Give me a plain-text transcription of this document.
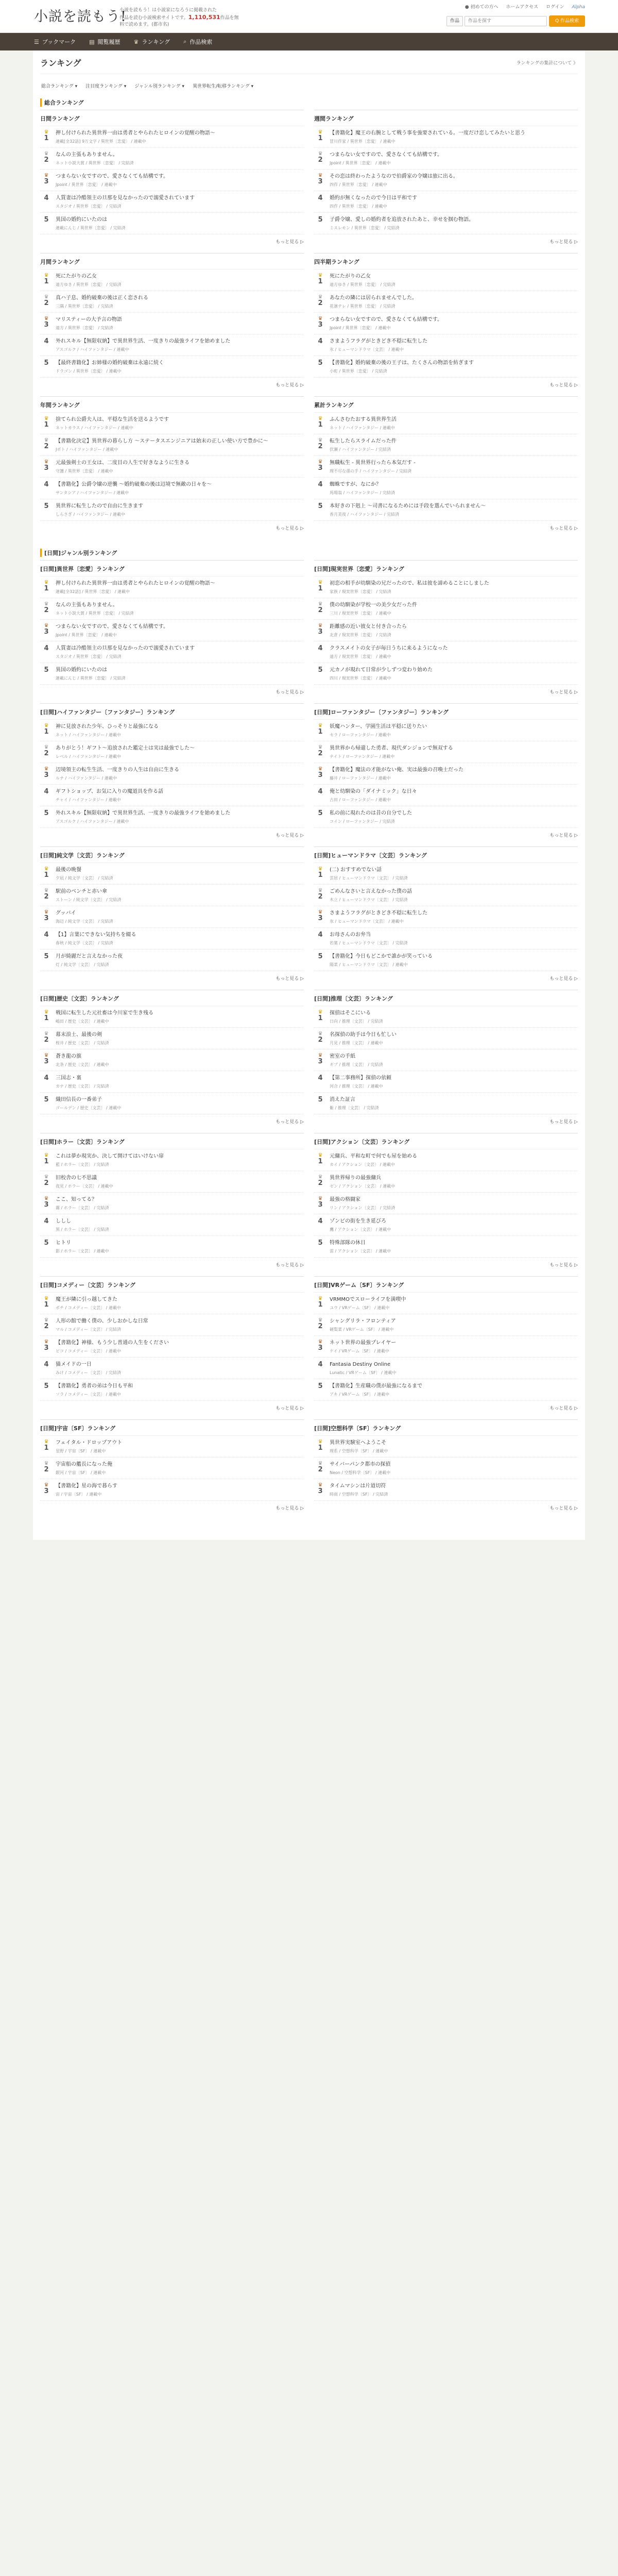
小説を読もう!
小説を読もう！は小説家になろうに掲載された
作品を読む小説検索サイトです。1,110,531作品を無料で読めます。(都市名)
● 初めての方へ ホームアクセス ログイン Alpha
作品
作品を探す	Q 作品検索
☰ ブックマーク ▤ 閲覧履歴 ♛ ランキング ⌕ 作品検索
ランキング	ランキングの集計について 》
総合ランキング ▾ 注目度ランキング ▾ ジャンル別ランキング ▾ 異世界転生/転移ランキング ▾
総合ランキング
日間ランキング
♛
1
押し付けられた異世界一由は勇者とやられたヒロインの覚醒の物語～
連載[全32話] 9万文字 / 異世界〔恋愛〕 / 連載中
♛
2
なんの主張もありません。
ネット小説大賞 / 異世界〔恋愛〕 / 完結済
♛
3
つまらない女ですので、愛さなくても結構です。
Jpoint / 異世界〔恋愛〕 / 連載中
4	人質妻は冷酷領主の旦那を見なかったので溺愛されています
スタジオ / 異世界〔恋愛〕 / 完結済
5	異国の婚約にいたのは
連載にんじ / 異世界〔恋愛〕 / 完結済
もっと見る ▷
週間ランキング
♛
1
【書籍化】魔王の右腕として戦う事を強要されている。一度だけ恋してみたいと思う
冒川作家 / 異世界〔恋愛〕 / 連載中
♛
2
つまらない女ですので、愛さなくても結構です。
Jpoint / 異世界〔恋愛〕 / 連載中
♛
3
その恋は終わったようなので伯爵家の令嬢は旅に出る。
四作 / 異世界〔恋愛〕 / 連載中
4	婚約が無くなったので今日は平和です
四作 / 異世界〔恋愛〕 / 連載中
5	子爵令嬢、愛しの婚約者を追放されたあと、幸せを掴む物語。
ミスレモン / 異世界〔恋愛〕 / 完結済
もっと見る ▷
月間ランキング
♛
1
死にたがりの乙女
遠方ゆき / 異世界〔恋愛〕 / 完結済
♛
2
真ハ子息、婚約破棄の後は正く恋される
三隅 / 異世界〔恋愛〕 / 完結済
♛
3
マリスティーの大予言の物語
遠方 / 異世界〔恋愛〕 / 完結済
4	外れスキル【無限収納】で異世界生活、一度きりの最強ライフを始めました
アスゴルク / ハイファンタジー / 連載中
5	【最終書籍化】お姉様の婚約破棄は永遠に続く
ドラゴン / 異世界〔恋愛〕 / 連載中
もっと見る ▷
四半期ランキング
♛
1
死にたがりの乙女
遠方ゆき / 異世界〔恋愛〕 / 完結済
♛
2
あなたの隣には居られませんでした。
花凛テレ / 異世界〔恋愛〕 / 完結済
♛
3
つまらない女ですので、愛さなくても結構です。
Jpoint / 異世界〔恋愛〕 / 連載中
4	さまようフラグがときどき不穏に転生した
氷 / ヒューマンドラマ〔文芸〕 / 連載中
5	【書籍化】婚約破棄の後の王子は、たくさんの物語を紡ぎます
小町 / 異世界〔恋愛〕 / 完結済
もっと見る ▷
年間ランキング
♛
1
捨てられ公爵夫人は、平穏な生活を送るようです
ネットカラス / ハイファンタジー / 連載中
♛
2
【書籍化決定】異世界の暮らし方 ～ステータスエンジニアは始末の正しい使い方で豊かに～
Jポト / ハイファンタジー / 連載中
♛
3
元最強剣士の王女は、二度目の人生で好きなように生きる
守護 / 異世界〔恋愛〕 / 連載中
4	【書籍化】公爵令嬢の逆襲 ～婚約破棄の後は辺境で無敵の日々を～
サンタシア / ハイファンタジー / 連載中
5	異世界に転生したので自由に生きます
しらさぎ / ハイファンタジー / 連載中
もっと見る ▷
累計ランキング
♛
1
ふんさむたおする異世界生活
ネット / ハイファンタジー / 連載中
♛
2
転生したらスライムだった件
伏瀬 / ハイファンタジー / 完結済
♛
3
無職転生 - 異世界行ったら本気だす -
理不尽な孫の手 / ハイファンタジー / 完結済
4	蜘蛛ですが、なにか？
馬場翁 / ハイファンタジー / 完結済
5	本好きの下剋上 ～司書になるためには手段を選んでいられません～
香月美夜 / ハイファンタジー / 完結済
もっと見る ▷
[日間]ジャンル別ランキング
[日間]異世界〔恋愛〕ランキング
♛
1
押し付けられた異世界一由は勇者とやられたヒロインの覚醒の物語～
連載[全32話] / 異世界〔恋愛〕 / 連載中
♛
2
なんの主張もありません。
ネット小説大賞 / 異世界〔恋愛〕 / 完結済
♛
3
つまらない女ですので、愛さなくても結構です。
Jpoint / 異世界〔恋愛〕 / 連載中
4	人質妻は冷酷領主の旦那を見なかったので溺愛されています
スタジオ / 異世界〔恋愛〕 / 完結済
5	異国の婚約にいたのは
連載にんじ / 異世界〔恋愛〕 / 完結済
もっと見る ▷
[日間]現実世界〔恋愛〕ランキング
♛
1
初恋の相手が幼馴染の兄だったので、私は彼を諦めることにしました
家族 / 現実世界〔恋愛〕 / 完結済
♛
2
僕の幼馴染が学校一の美少女だった件
三川 / 現実世界〔恋愛〕 / 連載中
♛
3
距離感の近い彼女と付き合ったら
北倉 / 現実世界〔恋愛〕 / 完結済
4	クラスメイトの女子が毎日うちに来るようになった
遠方 / 現実世界〔恋愛〕 / 連載中
5	元カノが現れて日常が少しずつ変わり始めた
四川 / 現実世界〔恋愛〕 / 連載中
もっと見る ▷
[日間]ハイファンタジー〔ファンタジー〕ランキング
♛
1
神に見放された少年、ひっそりと最強になる
ネット / ハイファンタジー / 連載中
♛
2
ありがとう！ギフト～追放された鑑定士は実は最強でした～
レベル / ハイファンタジー / 連載中
♛
3
辺境領主の転生生活、一度きりの人生は自由に生きる
ルナ / ハイファンタジー / 連載中
4	ギフトショップ、お気に入りの魔道具を作る話
チャイ / ハイファンタジー / 連載中
5	外れスキル【無限収納】で異世界生活、一度きりの最強ライフを始めました
アスゴルク / ハイファンタジー / 連載中
もっと見る ▷
[日間]ローファンタジー〔ファンタジー〕ランキング
♛
1
妖魔ハンター、学園生活は平穏に送りたい
セラ / ローファンタジー / 連載中
♛
2
異世界から帰還した勇者、現代ダンジョンで無双する
ナイト / ローファンタジー / 連載中
♛
3
【書籍化】魔法の才能がない俺、実は最強の召喚士だった
藤井 / ローファンタジー / 連載中
4	俺と幼馴染の「ダイナミック」な日々
古田 / ローファンタジー / 連載中
5	私の前に現れたのは昔の自分でした
コイン / ローファンタジー / 完結済
もっと見る ▷
[日間]純文学〔文芸〕ランキング
♛
1
最後の晩餐
夕凪 / 純文学〔文芸〕 / 完結済
♛
2
駅前のベンチと赤い傘
ストーン / 純文学〔文芸〕 / 完結済
♛
3
グッバイ
海辺 / 純文学〔文芸〕 / 完結済
4	【1】言葉にできない気持ちを綴る
春秋 / 純文学〔文芸〕 / 完結済
5	月が綺麗だと言えなかった夜
灯 / 純文学〔文芸〕 / 完結済
もっと見る ▷
[日間]ヒューマンドラマ〔文芸〕ランキング
♛
1
(二) おすすめでない話
雲居 / ヒューマンドラマ〔文芸〕 / 完結済
♛
2
ごめんなさいと言えなかった僕の話
木立 / ヒューマンドラマ〔文芸〕 / 完結済
♛
3
さまようフラグがときどき不穏に転生した
氷 / ヒューマンドラマ〔文芸〕 / 連載中
4	お母さんのお弁当
若葉 / ヒューマンドラマ〔文芸〕 / 完結済
5	【書籍化】今日もどこかで誰かが笑っている
陽菜 / ヒューマンドラマ〔文芸〕 / 連載中
もっと見る ▷
[日間]歴史〔文芸〕ランキング
♛
1
戦国に転生した元社畜は今川家で生き残る
嶋田 / 歴史〔文芸〕 / 連載中
♛
2
幕末浪士、最後の剣
桜井 / 歴史〔文芸〕 / 完結済
♛
3
蒼き龍の旗
北条 / 歴史〔文芸〕 / 連載中
4	三国志・裏
カナ / 歴史〔文芸〕 / 完結済
5	織田信長の一番弟子
ゴールデン / 歴史〔文芸〕 / 連載中
もっと見る ▷
[日間]推理〔文芸〕ランキング
♛
1
探偵はそこにいる
日向 / 推理〔文芸〕 / 完結済
♛
2
名探偵の助手は今日も忙しい
月見 / 推理〔文芸〕 / 連載中
♛
3
密室の手紙
ギブ / 推理〔文芸〕 / 完結済
4	【第二事務所】探偵の依頼
河合 / 推理〔文芸〕 / 連載中
5	消えた証言
紫 / 推理〔文芸〕 / 完結済
もっと見る ▷
[日間]ホラー〔文芸〕ランキング
♛
1
これは夢か現実か、決して開けてはいけない扉
藍 / ホラー〔文芸〕 / 完結済
♛
2
旧校舎の七不思議
夜見 / ホラー〔文芸〕 / 連載中
♛
3
ここ、知ってる？
霧 / ホラー〔文芸〕 / 完結済
4	ししし
黒 / ホラー〔文芸〕 / 完結済
5	ヒトリ
影 / ホラー〔文芸〕 / 連載中
もっと見る ▷
[日間]アクション〔文芸〕ランキング
♛
1
元傭兵、平和な町で何でも屋を始める
カイ / アクション〔文芸〕 / 連載中
♛
2
異世界帰りの最強傭兵
ゼン / アクション〔文芸〕 / 連載中
♛
3
最強の格闘家
リン / アクション〔文芸〕 / 完結済
4	ゾンビの街を生き延びろ
鷹 / アクション〔文芸〕 / 連載中
5	特殊部隊の休日
雷 / アクション〔文芸〕 / 連載中
もっと見る ▷
[日間]コメディー〔文芸〕ランキング
♛
1
魔王が隣に引っ越してきた
ポチ / コメディー〔文芸〕 / 連載中
♛
2
人形の館で働く僕の、少しおかしな日常
マル / コメディー〔文芸〕 / 完結済
♛
3
【書籍化】神様、もう少し普通の人生をください
ピコ / コメディー〔文芸〕 / 連載中
4	猫メイドの一日
みけ / コメディー〔文芸〕 / 完結済
5	【書籍化】勇者の弟は今日も平和
ソラ / コメディー〔文芸〕 / 連載中
もっと見る ▷
[日間]VRゲーム〔SF〕ランキング
♛
1
VRMMOでスローライフを満喫中
ユウ / VRゲーム〔SF〕 / 連載中
♛
2
シャングリラ・フロンティア
硬梨菜 / VRゲーム〔SF〕 / 連載中
♛
3
ネット世界の最強プレイヤー
ケイ / VRゲーム〔SF〕 / 連載中
4	Fantasia Destiny Online
Lunatic / VRゲーム〔SF〕 / 連載中
5	【書籍化】生産職の僕が最強になるまで
アキ / VRゲーム〔SF〕 / 連載中
もっと見る ▷
[日間]宇宙〔SF〕ランキング
♛
1
フェイタル・ドロップアウト
星野 / 宇宙〔SF〕 / 連載中
♛
2
宇宙船の艦長になった俺
銀河 / 宇宙〔SF〕 / 連載中
♛
3
【書籍化】星の海で暮らす
宙 / 宇宙〔SF〕 / 連載中
もっと見る ▷
[日間]空想科学〔SF〕ランキング
♛
1
異世界実験室へようこそ
理系 / 空想科学〔SF〕 / 連載中
♛
2
サイバーパンク都市の探偵
Neon / 空想科学〔SF〕 / 連載中
♛
3
タイムマシンは片道切符
時雨 / 空想科学〔SF〕 / 完結済
もっと見る ▷
